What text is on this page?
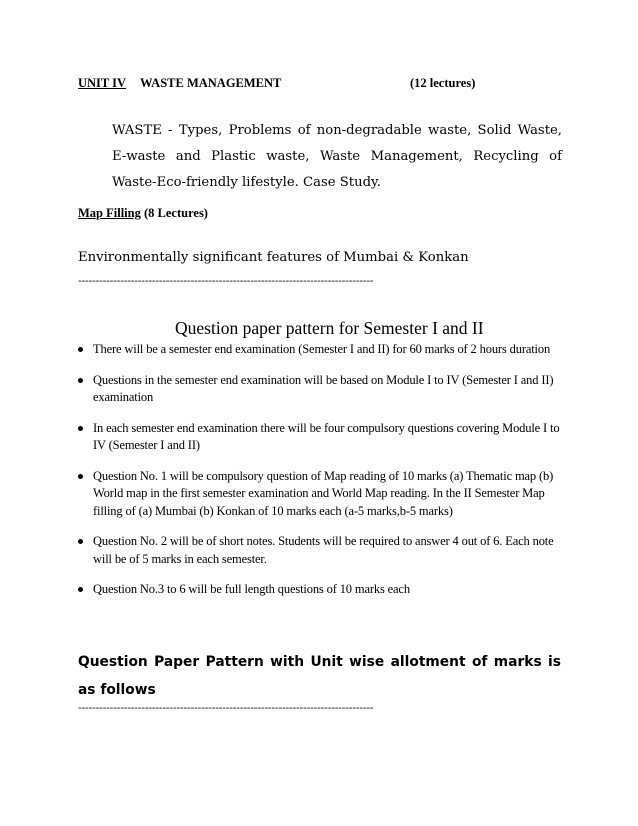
UNIT IV WASTE MANAGEMENT	(12 lectures)
WASTE - Types, Problems of non-degradable waste, Solid Waste, E-waste and Plastic waste, Waste Management, Recycling of Waste-Eco-friendly lifestyle. Case Study.
Map Filling (8 Lectures)
Environmentally significant features of Mumbai & Konkan
------------------------------------------------------------------------------------
Question paper pattern for Semester I and II
There will be a semester end examination (Semester I and II) for 60 marks of 2 hours duration
Questions in the semester end examination will be based on Module I to IV (Semester I and II) examination
In each semester end examination there will be four compulsory questions covering Module I to IV (Semester I and II)
Question No. 1 will be compulsory question of Map reading of 10 marks (a) Thematic map (b) World map in the first semester examination and World Map reading. In the II Semester Map filling of (a) Mumbai (b) Konkan of 10 marks each (a-5 marks,b-5 marks)
Question No. 2 will be of short notes. Students will be required to answer 4 out of 6. Each note will be of 5 marks in each semester.
Question No.3 to 6 will be full length questions of 10 marks each
Question Paper Pattern with Unit wise allotment of marks is as follows
------------------------------------------------------------------------------------
